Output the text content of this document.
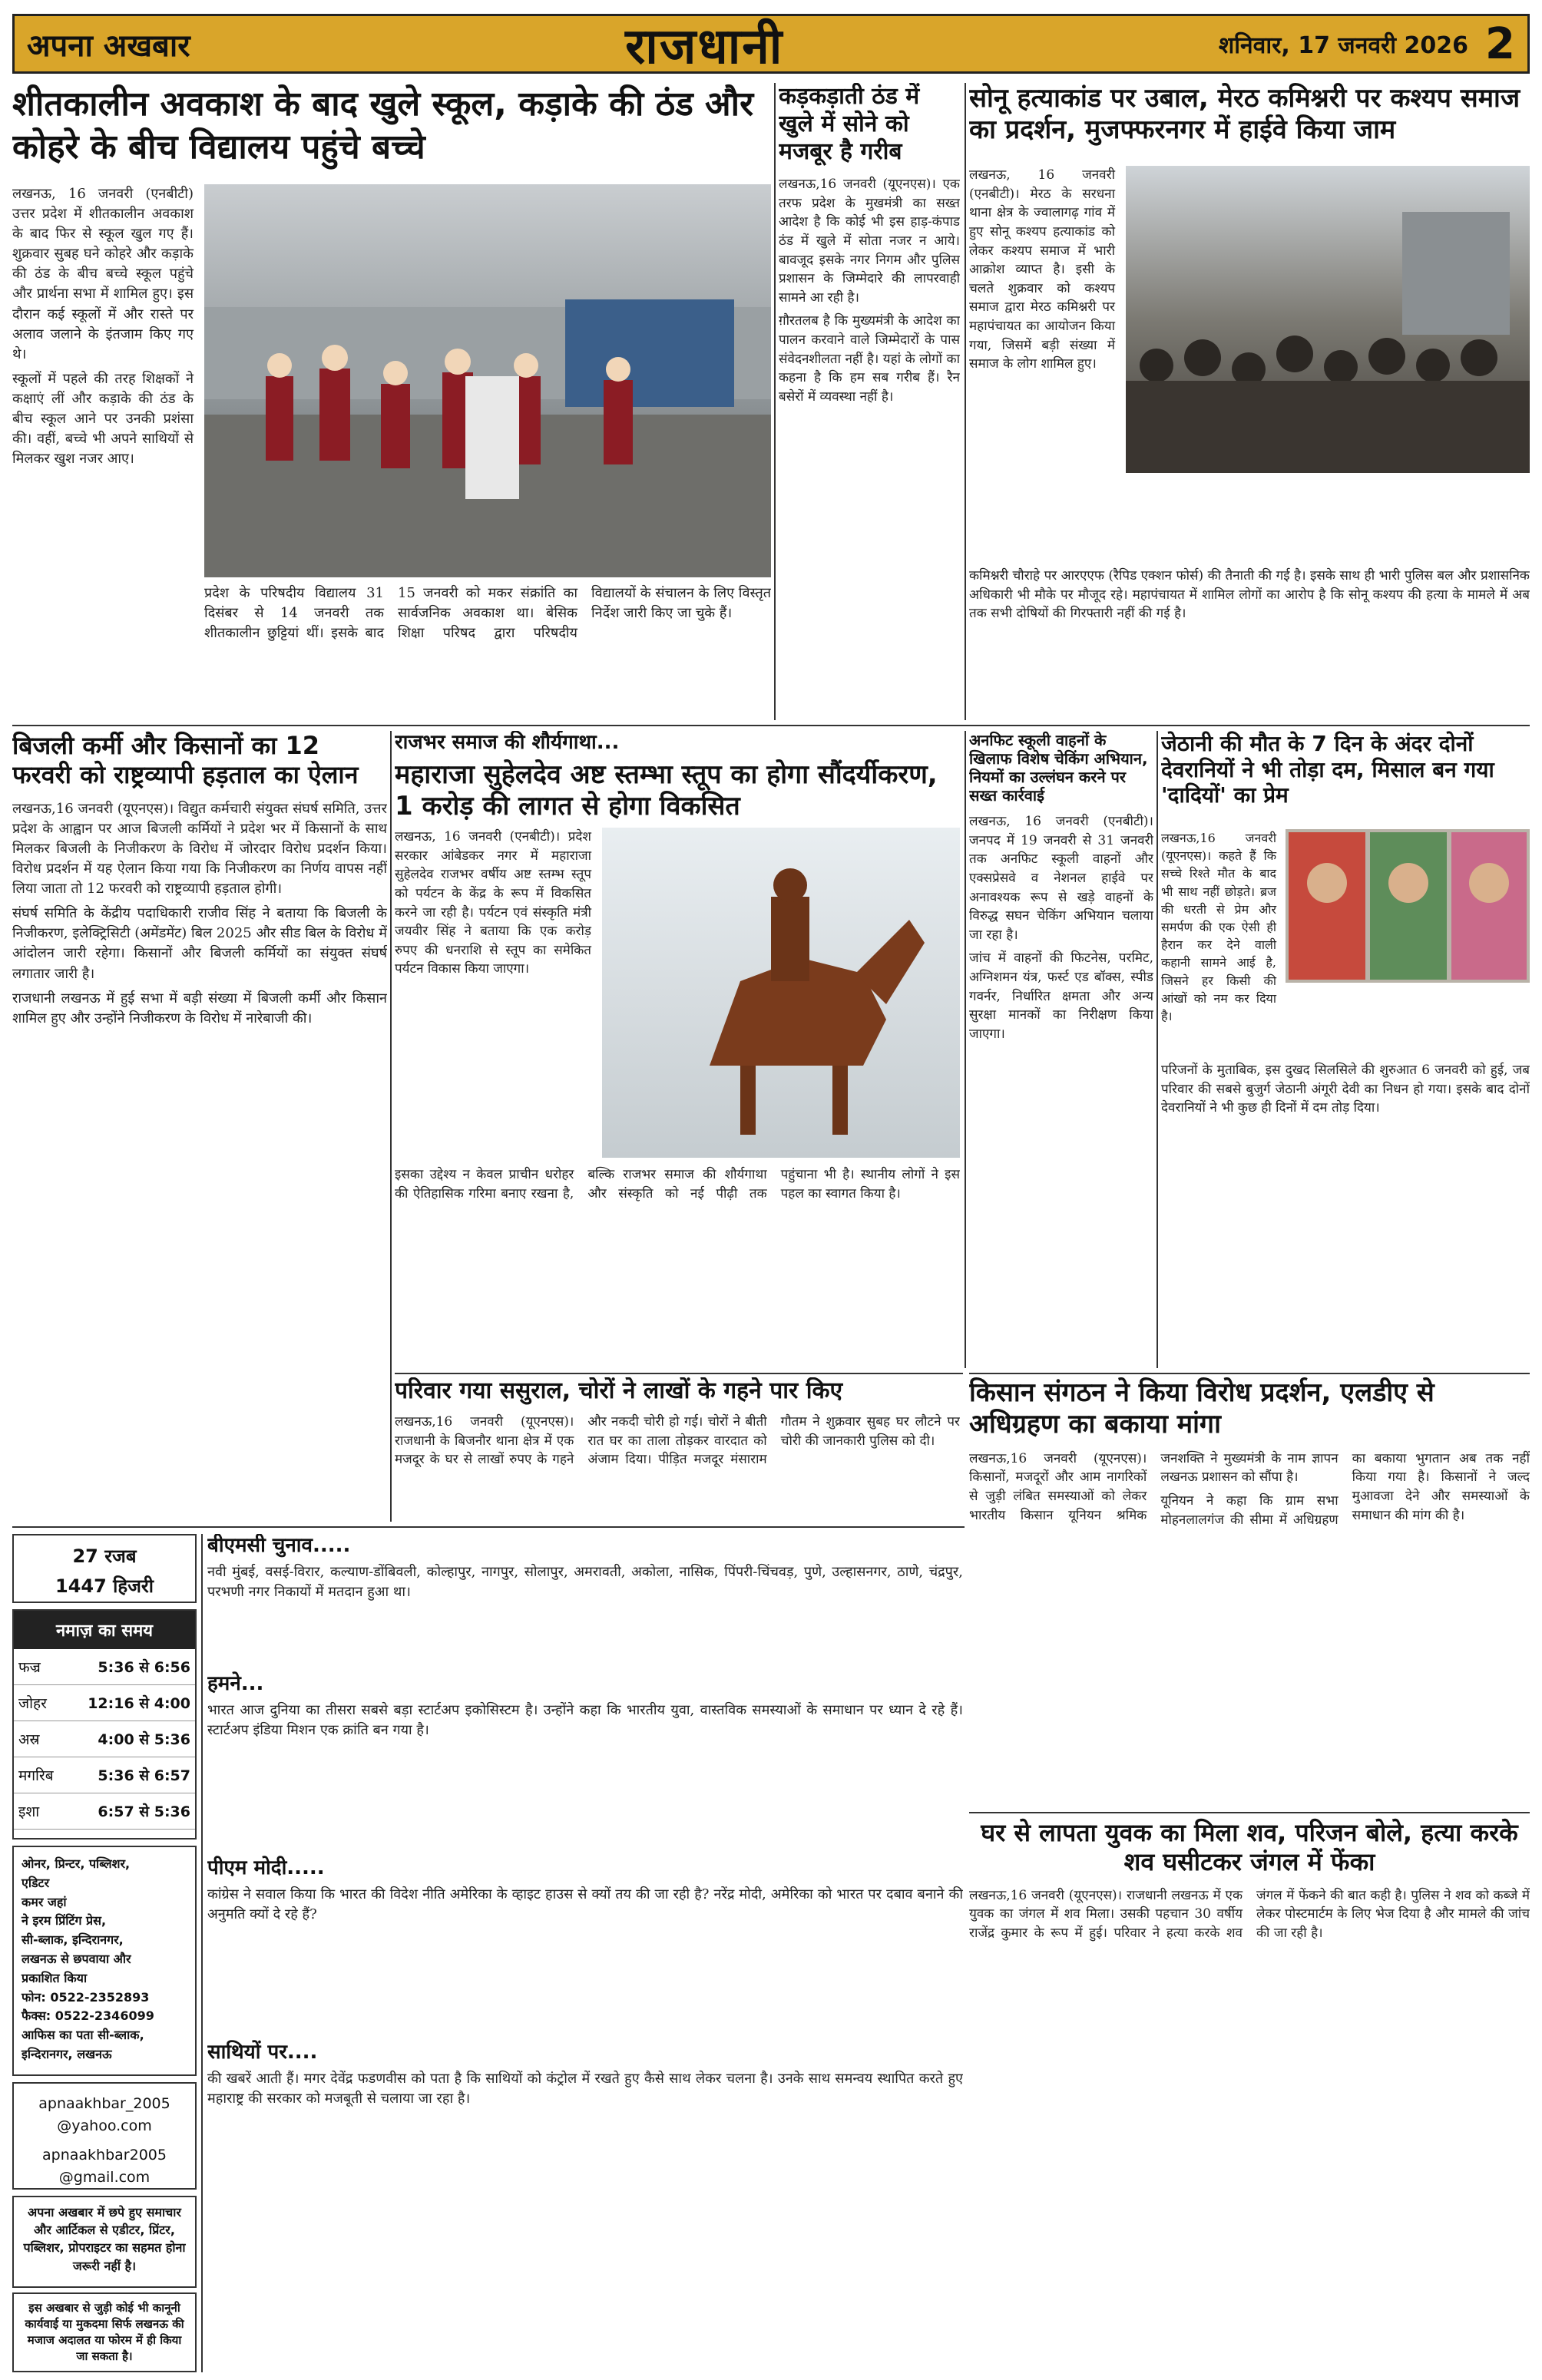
अपना अखबार	राजधानी	शनिवार, 17 जनवरी 2026 2
शीतकालीन अवकाश के बाद खुले स्कूल, कड़ाके की ठंड और कोहरे के बीच विद्यालय पहुंचे बच्चे

लखनऊ, 16 जनवरी (एनबीटी) उत्तर प्रदेश में शीतकालीन अवकाश के बाद फिर से स्कूल खुल गए हैं। शुक्रवार सुबह घने कोहरे और कड़ाके की ठंड के बीच बच्चे स्कूल पहुंचे और प्रार्थना सभा में शामिल हुए। इस दौरान कई स्कूलों में और रास्ते पर अलाव जलाने के इंतजाम किए गए थे।

स्कूलों में पहले की तरह शिक्षकों ने कक्षाएं लीं और कड़ाके की ठंड के बीच स्कूल आने पर उनकी प्रशंसा की। वहीं, बच्चे भी अपने साथियों से मिलकर खुश नजर आए।

प्रदेश के परिषदीय विद्यालय 31 दिसंबर से 14 जनवरी तक शीतकालीन छुट्टियां थीं। इसके बाद 15 जनवरी को मकर संक्रांति का सार्वजनिक अवकाश था। बेसिक शिक्षा परिषद द्वारा परिषदीय विद्यालयों के संचालन के लिए विस्तृत निर्देश जारी किए जा चुके हैं।

कड़कड़ाती ठंड में खुले में सोने को मजबूर है गरीब

लखनऊ,16 जनवरी (यूएनएस)। एक तरफ प्रदेश के मुखमंत्री का सख्त आदेश है कि कोई भी इस हाड़-कंपाड ठंड में खुले में सोता नजर न आये। बावजूद इसके नगर निगम और पुलिस प्रशासन के जिम्मेदारे की लापरवाही सामने आ रही है।

ग़ौरतलब है कि मुख्यमंत्री के आदेश का पालन करवाने वाले जिम्मेदारों के पास संवेदनशीलता नहीं है। यहां के लोगों का कहना है कि हम सब गरीब हैं। रैन बसेरों में व्यवस्था नहीं है।

सोनू हत्याकांड पर उबाल, मेरठ कमिश्नरी पर कश्यप समाज का प्रदर्शन, मुजफ्फरनगर में हाईवे किया जाम

लखनऊ, 16 जनवरी (एनबीटी)। मेरठ के सरधना थाना क्षेत्र के ज्वालागढ़ गांव में हुए सोनू कश्यप हत्याकांड को लेकर कश्यप समाज में भारी आक्रोश व्याप्त है। इसी के चलते शुक्रवार को कश्यप समाज द्वारा मेरठ कमिश्नरी पर महापंचायत का आयोजन किया गया, जिसमें बड़ी संख्या में समाज के लोग शामिल हुए।

कमिश्नरी चौराहे पर आरएएफ (रैपिड एक्शन फोर्स) की तैनाती की गई है। इसके साथ ही भारी पुलिस बल और प्रशासनिक अधिकारी भी मौके पर मौजूद रहे। महापंचायत में शामिल लोगों का आरोप है कि सोनू कश्यप की हत्या के मामले में अब तक सभी दोषियों की गिरफ्तारी नहीं की गई है।

बिजली कर्मी और किसानों का 12 फरवरी को राष्ट्रव्यापी हड़ताल का ऐलान

लखनऊ,16 जनवरी (यूएनएस)। विद्युत कर्मचारी संयुक्त संघर्ष समिति, उत्तर प्रदेश के आह्वान पर आज बिजली कर्मियों ने प्रदेश भर में किसानों के साथ मिलकर बिजली के निजीकरण के विरोध में जोरदार विरोध प्रदर्शन किया। विरोध प्रदर्शन में यह ऐलान किया गया कि निजीकरण का निर्णय वापस नहीं लिया जाता तो 12 फरवरी को राष्ट्रव्यापी हड़ताल होगी।

संघर्ष समिति के केंद्रीय पदाधिकारी राजीव सिंह ने बताया कि बिजली के निजीकरण, इलेक्ट्रिसिटी (अमेंडमेंट) बिल 2025 और सीड बिल के विरोध में आंदोलन जारी रहेगा। किसानों और बिजली कर्मियों का संयुक्त संघर्ष लगातार जारी है।

राजधानी लखनऊ में हुई सभा में बड़ी संख्या में बिजली कर्मी और किसान शामिल हुए और उन्होंने निजीकरण के विरोध में नारेबाजी की।

राजभर समाज की शौर्यगाथा...
महाराजा सुहेलदेव अष्ट स्तम्भा स्तूप का होगा सौंदर्यीकरण, 1 करोड़ की लागत से होगा विकसित

लखनऊ, 16 जनवरी (एनबीटी)। प्रदेश सरकार आंबेडकर नगर में महाराजा सुहेलदेव राजभर वर्षीय अष्ट स्तम्भ स्तूप को पर्यटन के केंद्र के रूप में विकसित करने जा रही है। पर्यटन एवं संस्कृति मंत्री जयवीर सिंह ने बताया कि एक करोड़ रुपए की धनराशि से स्तूप का समेकित पर्यटन विकास किया जाएगा।

इसका उद्देश्य न केवल प्राचीन धरोहर की ऐतिहासिक गरिमा बनाए रखना है, बल्कि राजभर समाज की शौर्यगाथा और संस्कृति को नई पीढ़ी तक पहुंचाना भी है। स्थानीय लोगों ने इस पहल का स्वागत किया है।

अनफिट स्कूली वाहनों के खिलाफ विशेष चेकिंग अभियान, नियमों का उल्लंघन करने पर सख्त कार्रवाई

लखनऊ, 16 जनवरी (एनबीटी)। जनपद में 19 जनवरी से 31 जनवरी तक अनफिट स्कूली वाहनों और एक्सप्रेसवे व नेशनल हाईवे पर अनावश्यक रूप से खड़े वाहनों के विरुद्ध सघन चेकिंग अभियान चलाया जा रहा है।

जांच में वाहनों की फिटनेस, परमिट, अग्निशमन यंत्र, फर्स्ट एड बॉक्स, स्पीड गवर्नर, निर्धारित क्षमता और अन्य सुरक्षा मानकों का निरीक्षण किया जाएगा।

जेठानी की मौत के 7 दिन के अंदर दोनों देवरानियों ने भी तोड़ा दम, मिसाल बन गया 'दादियों' का प्रेम

लखनऊ,16 जनवरी (यूएनएस)। कहते हैं कि सच्चे रिश्ते मौत के बाद भी साथ नहीं छोड़ते। ब्रज की धरती से प्रेम और समर्पण की एक ऐसी ही हैरान कर देने वाली कहानी सामने आई है, जिसने हर किसी की आंखों को नम कर दिया है।

परिजनों के मुताबिक, इस दुखद सिलसिले की शुरुआत 6 जनवरी को हुई, जब परिवार की सबसे बुजुर्ग जेठानी अंगूरी देवी का निधन हो गया। इसके बाद दोनों देवरानियों ने भी कुछ ही दिनों में दम तोड़ दिया।

परिवार गया ससुराल, चोरों ने लाखों के गहने पार किए

लखनऊ,16 जनवरी (यूएनएस)। राजधानी के बिजनौर थाना क्षेत्र में एक मजदूर के घर से लाखों रुपए के गहने और नकदी चोरी हो गई। चोरों ने बीती रात घर का ताला तोड़कर वारदात को अंजाम दिया। पीड़ित मजदूर मंसाराम गौतम ने शुक्रवार सुबह घर लौटने पर चोरी की जानकारी पुलिस को दी।

किसान संगठन ने किया विरोध प्रदर्शन, एलडीए से अधिग्रहण का बकाया मांगा

लखनऊ,16 जनवरी (यूएनएस)। किसानों, मजदूरों और आम नागरिकों से जुड़ी लंबित समस्याओं को लेकर भारतीय किसान यूनियन श्रमिक जनशक्ति ने मुख्यमंत्री के नाम ज्ञापन लखनऊ प्रशासन को सौंपा है।

यूनियन ने कहा कि ग्राम सभा मोहनलालगंज की सीमा में अधिग्रहण का बकाया भुगतान अब तक नहीं किया गया है। किसानों ने जल्द मुआवजा देने और समस्याओं के समाधान की मांग की है।

27 रजब
1447 हिजरी
नमाज़ का समय
फज्र	5:36 से 6:56
जोहर	12:16 से 4:00
अस्र	4:00 से 5:36
मगरिब	5:36 से 6:57
इशा	6:57 से 5:36
ओनर, प्रिन्टर, पब्लिशर,
एडिटर
कमर जहां
ने इरम प्रिंटिंग प्रेस,
सी-ब्लाक, इन्दिरानगर,
लखनऊ से छपवाया और
प्रकाशित किया
फोन: 0522-2352893
फैक्स: 0522-2346099
आफिस का पता सी-ब्लाक,
इन्दिरानगर, लखनऊ
apnaakhbar_2005 @yahoo.com
apnaakhbar2005 @gmail.com
अपना अखबार में छपे हुए समाचार और आर्टिकल से एडीटर, प्रिंटर, पब्लिशर, प्रोपराइटर का सहमत होना जरूरी नहीं है।
इस अखबार से जुड़ी कोई भी कानूनी कार्यवाई या मुकदमा सिर्फ लखनऊ की मजाज अदालत या फोरम में ही किया जा सकता है।
बीएमसी चुनाव.....
नवी मुंबई, वसई-विरार, कल्याण-डोंबिवली, कोल्हापुर, नागपुर, सोलापुर, अमरावती, अकोला, नासिक, पिंपरी-चिंचवड़, पुणे, उल्हासनगर, ठाणे, चंद्रपुर, परभणी नगर निकायों में मतदान हुआ था।
हमने...
भारत आज दुनिया का तीसरा सबसे बड़ा स्टार्टअप इकोसिस्टम है। उन्होंने कहा कि भारतीय युवा, वास्तविक समस्याओं के समाधान पर ध्यान दे रहे हैं। स्टार्टअप इंडिया मिशन एक क्रांति बन गया है।
पीएम मोदी.....
कांग्रेस ने सवाल किया कि भारत की विदेश नीति अमेरिका के व्हाइट हाउस से क्यों तय की जा रही है? नरेंद्र मोदी, अमेरिका को भारत पर दबाव बनाने की अनुमति क्यों दे रहे हैं?
साथियों पर....
की खबरें आती हैं। मगर देवेंद्र फडणवीस को पता है कि साथियों को कंट्रोल में रखते हुए कैसे साथ लेकर चलना है। उनके साथ समन्वय स्थापित करते हुए महाराष्ट्र की सरकार को मजबूती से चलाया जा रहा है।
घर से लापता युवक का मिला शव, परिजन बोले, हत्या करके शव घसीटकर जंगल में फेंका

लखनऊ,16 जनवरी (यूएनएस)। राजधानी लखनऊ में एक युवक का जंगल में शव मिला। उसकी पहचान 30 वर्षीय राजेंद्र कुमार के रूप में हुई। परिवार ने हत्या करके शव जंगल में फेंकने की बात कही है। पुलिस ने शव को कब्जे में लेकर पोस्टमार्टम के लिए भेज दिया है और मामले की जांच की जा रही है।
